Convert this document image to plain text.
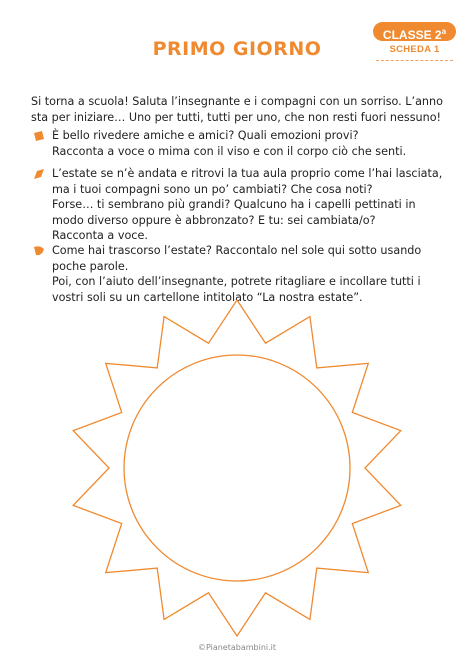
CLASSE 2$^a$
SCHEDA 1
PRIMO GIORNO
Si torna a scuola! Saluta l’insegnante e i compagni con un sorriso. L’anno sta per iniziare… Uno per tutti, tutti per uno, che non resti fuori nessuno!
È bello rivedere amiche e amici? Quali emozioni provi?
Racconta a voce o mima con il viso e con il corpo ciò che senti.
L’estate se n’è andata e ritrovi la tua aula proprio come l’hai lasciata,
ma i tuoi compagni sono un po’ cambiati? Che cosa noti?
Forse… ti sembrano più grandi? Qualcuno ha i capelli pettinati in
modo diverso oppure è abbronzato? E tu: sei cambiata/o?
Racconta a voce.
Come hai trascorso l’estate? Raccontalo nel sole qui sotto usando
poche parole.
Poi, con l’aiuto dell’insegnante, potrete ritagliare e incollare tutti i
vostri soli su un cartellone intitolato “La nostra estate”.
©Pianetabambini.it
